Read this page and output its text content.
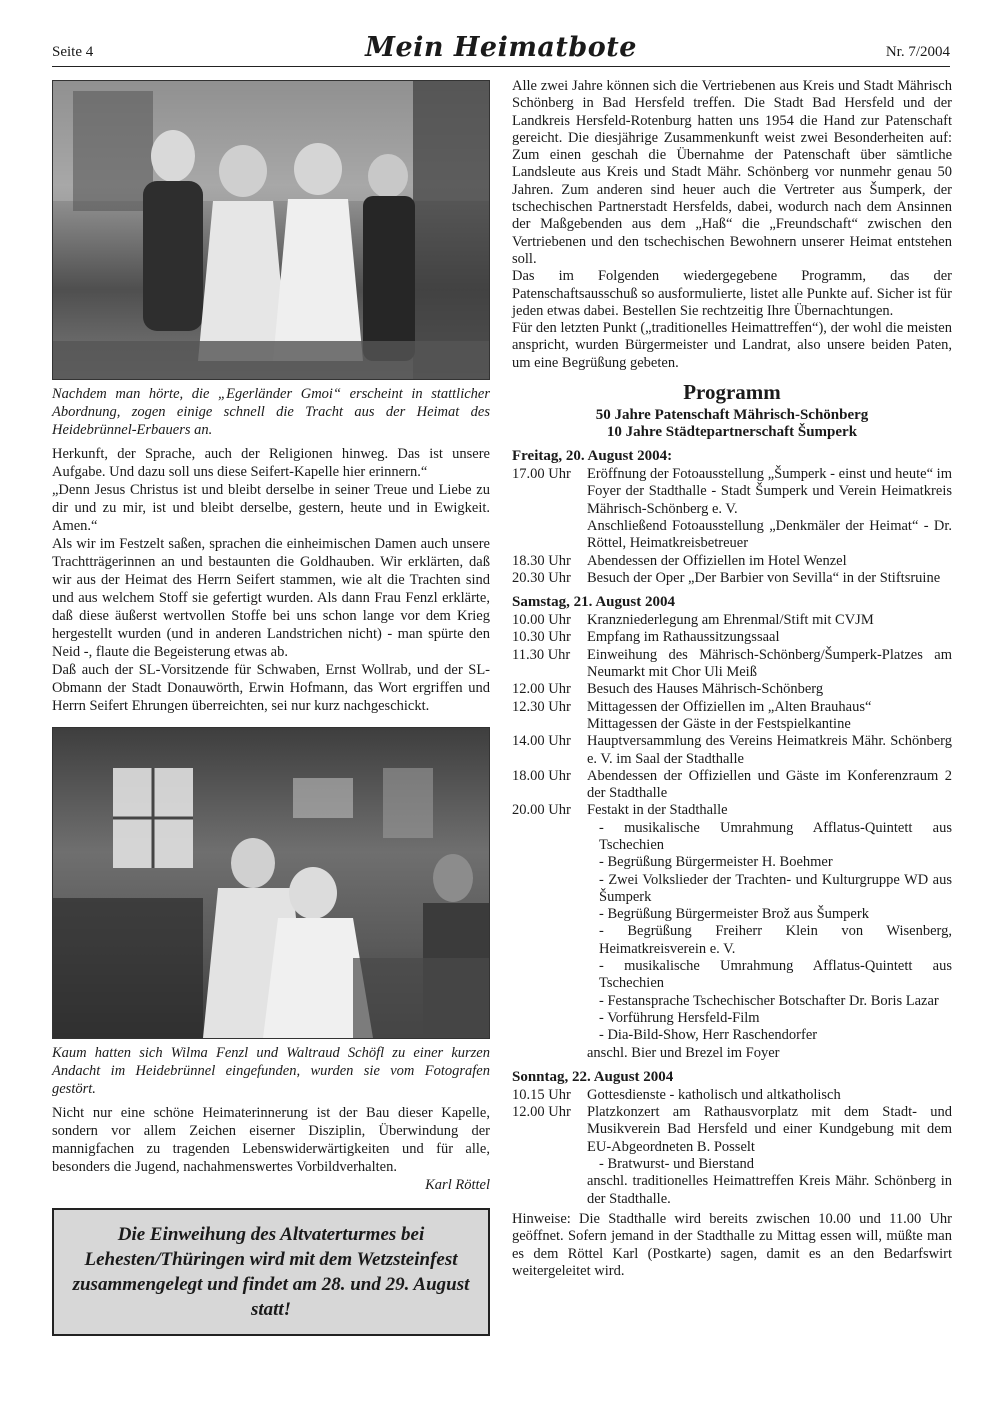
Seite 4	Mein Heimatbote	Nr. 7/2004
Nachdem man hörte, die „Egerländer Gmoi“ erscheint in stattlicher Abordnung, zogen einige schnell die Tracht aus der Heimat des Heidebrünnel-Erbauers an.

Herkunft, der Sprache, auch der Religionen hinweg. Das ist unsere Aufgabe. Und dazu soll uns diese Seifert-Kapelle hier erinnern.“

„Denn Jesus Christus ist und bleibt derselbe in seiner Treue und Liebe zu dir und zu mir, ist und bleibt derselbe, gestern, heute und in Ewigkeit. Amen.“

Als wir im Festzelt saßen, sprachen die einheimischen Damen auch unsere Trachtträgerinnen an und bestaunten die Goldhauben. Wir erklärten, daß wir aus der Heimat des Herrn Seifert stammen, wie alt die Trachten sind und aus welchem Stoff sie gefertigt wurden. Als dann Frau Fenzl erklärte, daß diese äußerst wertvollen Stoffe bei uns schon lange vor dem Krieg hergestellt wurden (und in anderen Landstrichen nicht) - man spürte den Neid -, flaute die Begeisterung etwas ab.

Daß auch der SL-Vorsitzende für Schwaben, Ernst Wollrab, und der SL-Obmann der Stadt Donauwörth, Erwin Hofmann, das Wort ergriffen und Herrn Seifert Ehrungen überreichten, sei nur kurz nachgeschickt.

Kaum hatten sich Wilma Fenzl und Waltraud Schöfl zu einer kurzen Andacht im Heidebrünnel eingefunden, wurden sie vom Fotografen gestört.

Nicht nur eine schöne Heimaterinnerung ist der Bau dieser Kapelle, sondern vor allem Zeichen eiserner Disziplin, Überwindung der mannigfachen zu tragenden Lebenswiderwärtigkeiten und für alle, besonders die Jugend, nachahmenswertes Vorbildverhalten.

Karl Röttel
Die Einweihung des Altvaterturmes bei Lehesten/Thüringen wird mit dem Wetzsteinfest zusammengelegt und findet am 28. und 29. August statt!

Alle zwei Jahre können sich die Vertriebenen aus Kreis und Stadt Mährisch Schönberg in Bad Hersfeld treffen. Die Stadt Bad Hersfeld und der Landkreis Hersfeld-Rotenburg hatten uns 1954 die Hand zur Patenschaft gereicht. Die diesjährige Zusammenkunft weist zwei Besonderheiten auf: Zum einen geschah die Übernahme der Patenschaft über sämtliche Landsleute aus Kreis und Stadt Mähr. Schönberg vor nunmehr genau 50 Jahren. Zum anderen sind heuer auch die Vertreter aus Šumperk, der tschechischen Partnerstadt Hersfelds, dabei, wodurch nach dem Ansinnen der Maßgebenden aus dem „Haß“ die „Freundschaft“ zwischen den Vertriebenen und den tschechischen Bewohnern unserer Heimat entstehen soll.

Das im Folgenden wiedergegebene Programm, das der Patenschaftsausschuß so ausformulierte, listet alle Punkte auf. Sicher ist für jeden etwas dabei. Bestellen Sie rechtzeitig Ihre Übernachtungen.

Für den letzten Punkt („traditionelles Heimattreffen“), der wohl die meisten anspricht, wurden Bürgermeister und Landrat, also unsere beiden Paten, um eine Begrüßung gebeten.

Programm
50 Jahre Patenschaft Mährisch-Schönberg
10 Jahre Städtepartnerschaft Šumperk
Freitag, 20. August 2004:
17.00 Uhr	Eröffnung der Fotoausstellung „Šumperk - einst und heute“ im Foyer der Stadthalle - Stadt Šumperk und Verein Heimatkreis Mährisch-Schönberg e. V.
Anschließend Fotoausstellung „Denkmäler der Heimat“ - Dr. Röttel, Heimatkreisbetreuer
18.30 Uhr	Abendessen der Offiziellen im Hotel Wenzel
20.30 Uhr	Besuch der Oper „Der Barbier von Sevilla“ in der Stiftsruine
Samstag, 21. August 2004
10.00 Uhr	Kranzniederlegung am Ehrenmal/Stift mit CVJM
10.30 Uhr	Empfang im Rathaussitzungssaal
11.30 Uhr	Einweihung des Mährisch-Schönberg/Šumperk-Platzes am Neumarkt mit Chor Uli Meiß
12.00 Uhr	Besuch des Hauses Mährisch-Schönberg
12.30 Uhr	Mittagessen der Offiziellen im „Alten Brauhaus“
Mittagessen der Gäste in der Festspielkantine
14.00 Uhr	Hauptversammlung des Vereins Heimatkreis Mähr. Schönberg e. V. im Saal der Stadthalle
18.00 Uhr	Abendessen der Offiziellen und Gäste im Konferenzraum 2 der Stadthalle
20.00 Uhr	Festakt in der Stadthalle
- musikalische Umrahmung Afflatus-Quintett aus Tschechien
- Begrüßung Bürgermeister H. Boehmer
- Zwei Volkslieder der Trachten- und Kulturgruppe WD aus Šumperk
- Begrüßung Bürgermeister Brož aus Šumperk
- Begrüßung Freiherr Klein von Wisenberg, Heimatkreisverein e. V.
- musikalische Umrahmung Afflatus-Quintett aus Tschechien
- Festansprache Tschechischer Botschafter Dr. Boris Lazar
- Vorführung Hersfeld-Film
- Dia-Bild-Show, Herr Raschendorfer
anschl. Bier und Brezel im Foyer
Sonntag, 22. August 2004
10.15 Uhr	Gottesdienste - katholisch und altkatholisch
12.00 Uhr	Platzkonzert am Rathausvorplatz mit dem Stadt- und Musikverein Bad Hersfeld und einer Kundgebung mit dem EU-Abgeordneten B. Posselt
- Bratwurst- und Bierstand
anschl. traditionelles Heimattreffen Kreis Mähr. Schönberg in der Stadthalle.
Hinweise: Die Stadthalle wird bereits zwischen 10.00 und 11.00 Uhr geöffnet. Sofern jemand in der Stadthalle zu Mittag essen will, müßte man es dem Röttel Karl (Postkarte) sagen, damit es an den Bedarfswirt weitergeleitet wird.
